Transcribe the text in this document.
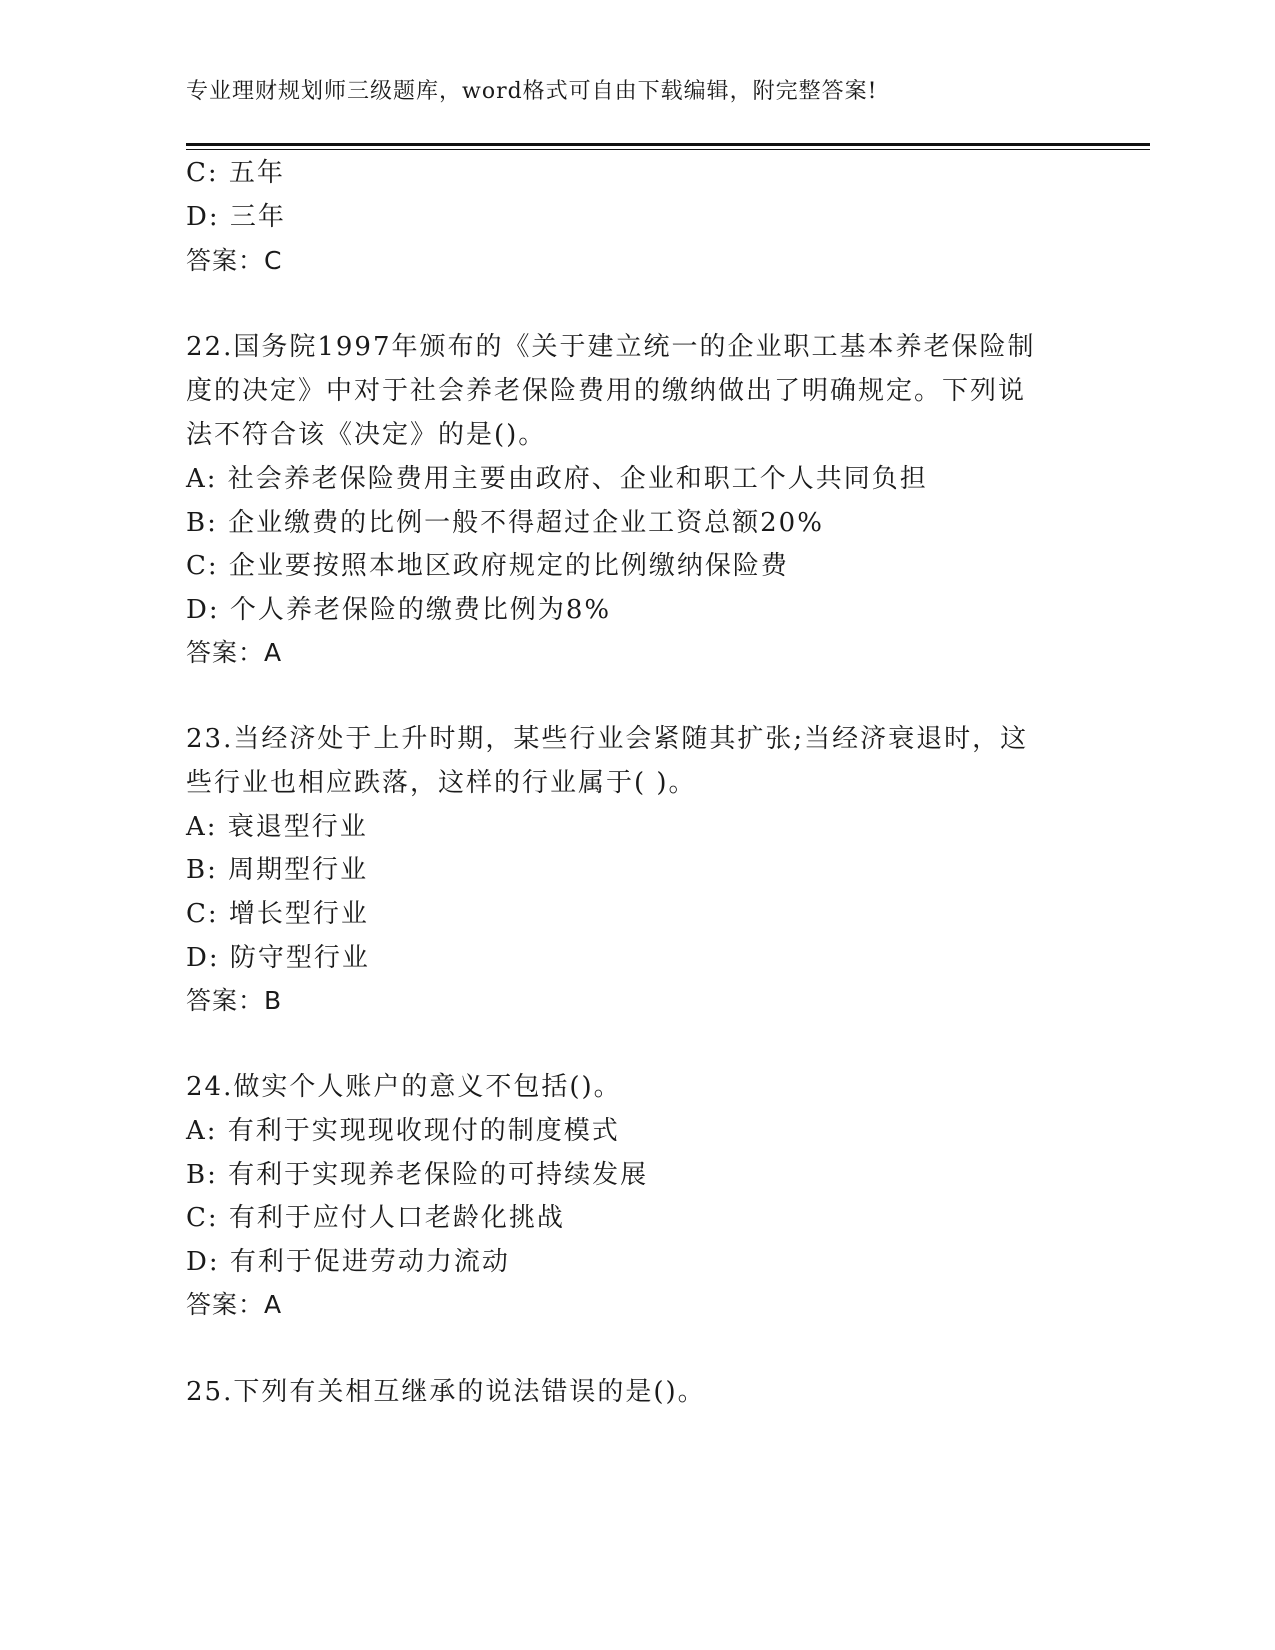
专业理财规划师三级题库，word格式可自由下载编辑，附完整答案!
C: 五年
D: 三年
答案：C
22.国务院1997年颁布的《关于建立统一的企业职工基本养老保险制
度的决定》中对于社会养老保险费用的缴纳做出了明确规定。下列说
法不符合该《决定》的是()。
A: 社会养老保险费用主要由政府、企业和职工个人共同负担
B: 企业缴费的比例一般不得超过企业工资总额20%
C: 企业要按照本地区政府规定的比例缴纳保险费
D: 个人养老保险的缴费比例为8%
答案：A
23.当经济处于上升时期，某些行业会紧随其扩张;当经济衰退时，这
些行业也相应跌落，这样的行业属于( )。
A: 衰退型行业
B: 周期型行业
C: 增长型行业
D: 防守型行业
答案：B
24.做实个人账户的意义不包括()。
A: 有利于实现现收现付的制度模式
B: 有利于实现养老保险的可持续发展
C: 有利于应付人口老龄化挑战
D: 有利于促进劳动力流动
答案：A
25.下列有关相互继承的说法错误的是()。
